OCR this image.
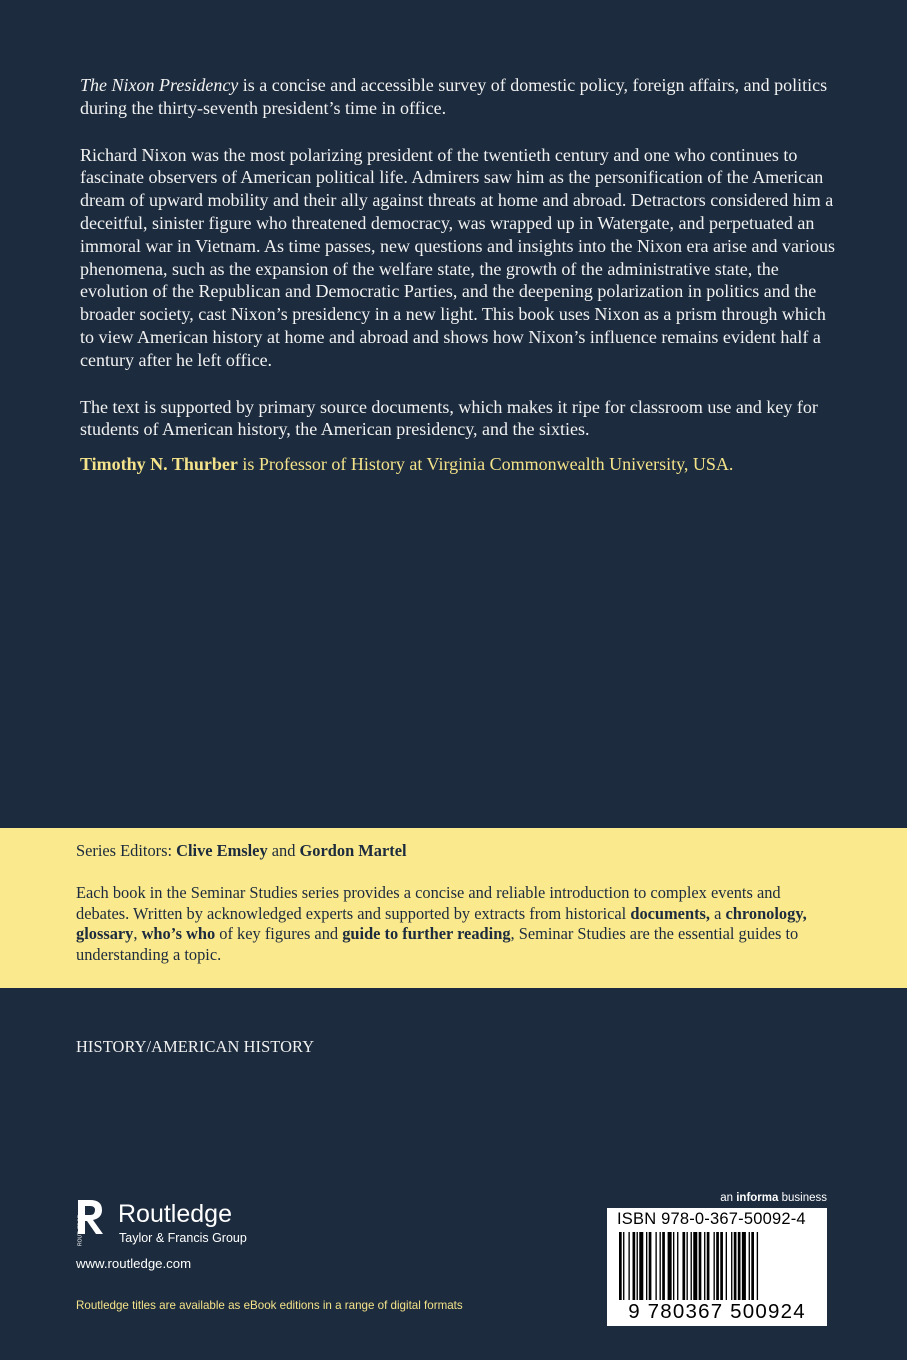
The Nixon Presidency is a concise and accessible survey of domestic policy, foreign affairs, and politics during the thirty-seventh president’s time in office.

Richard Nixon was the most polarizing president of the twentieth century and one who continues to fascinate observers of American political life. Admirers saw him as the personification of the American dream of upward mobility and their ally against threats at home and abroad. Detractors considered him a deceitful, sinister figure who threatened democracy, was wrapped up in Watergate, and perpetuated an immoral war in Vietnam. As time passes, new questions and insights into the Nixon era arise and various phenomena, such as the expansion of the welfare state, the growth of the administrative state, the evolution of the Republican and Democratic Parties, and the deepening polarization in politics and the broader society, cast Nixon’s presidency in a new light. This book uses Nixon as a prism through which to view American history at home and abroad and shows how Nixon’s influence remains evident half a century after he left office.

The text is supported by primary source documents, which makes it ripe for classroom use and key for students of American history, the American presidency, and the sixties.

Timothy N. Thurber is Professor of History at Virginia Commonwealth University, USA.

Series Editors: Clive Emsley and Gordon Martel
Each book in the Seminar Studies series provides a concise and reliable introduction to complex events and debates. Written by acknowledged experts and supported by extracts from historical documents, a chronology, glossary, who’s who of key figures and guide to further reading, Seminar Studies are the essential guides to understanding a topic.
HISTORY/AMERICAN HISTORY
ROUTLEDGE
Routledge
Taylor & Francis Group
www.routledge.com
Routledge titles are available as eBook editions in a range of digital formats
an informa business
ISBN 978-0-367-50092-4
9 780367 500924
